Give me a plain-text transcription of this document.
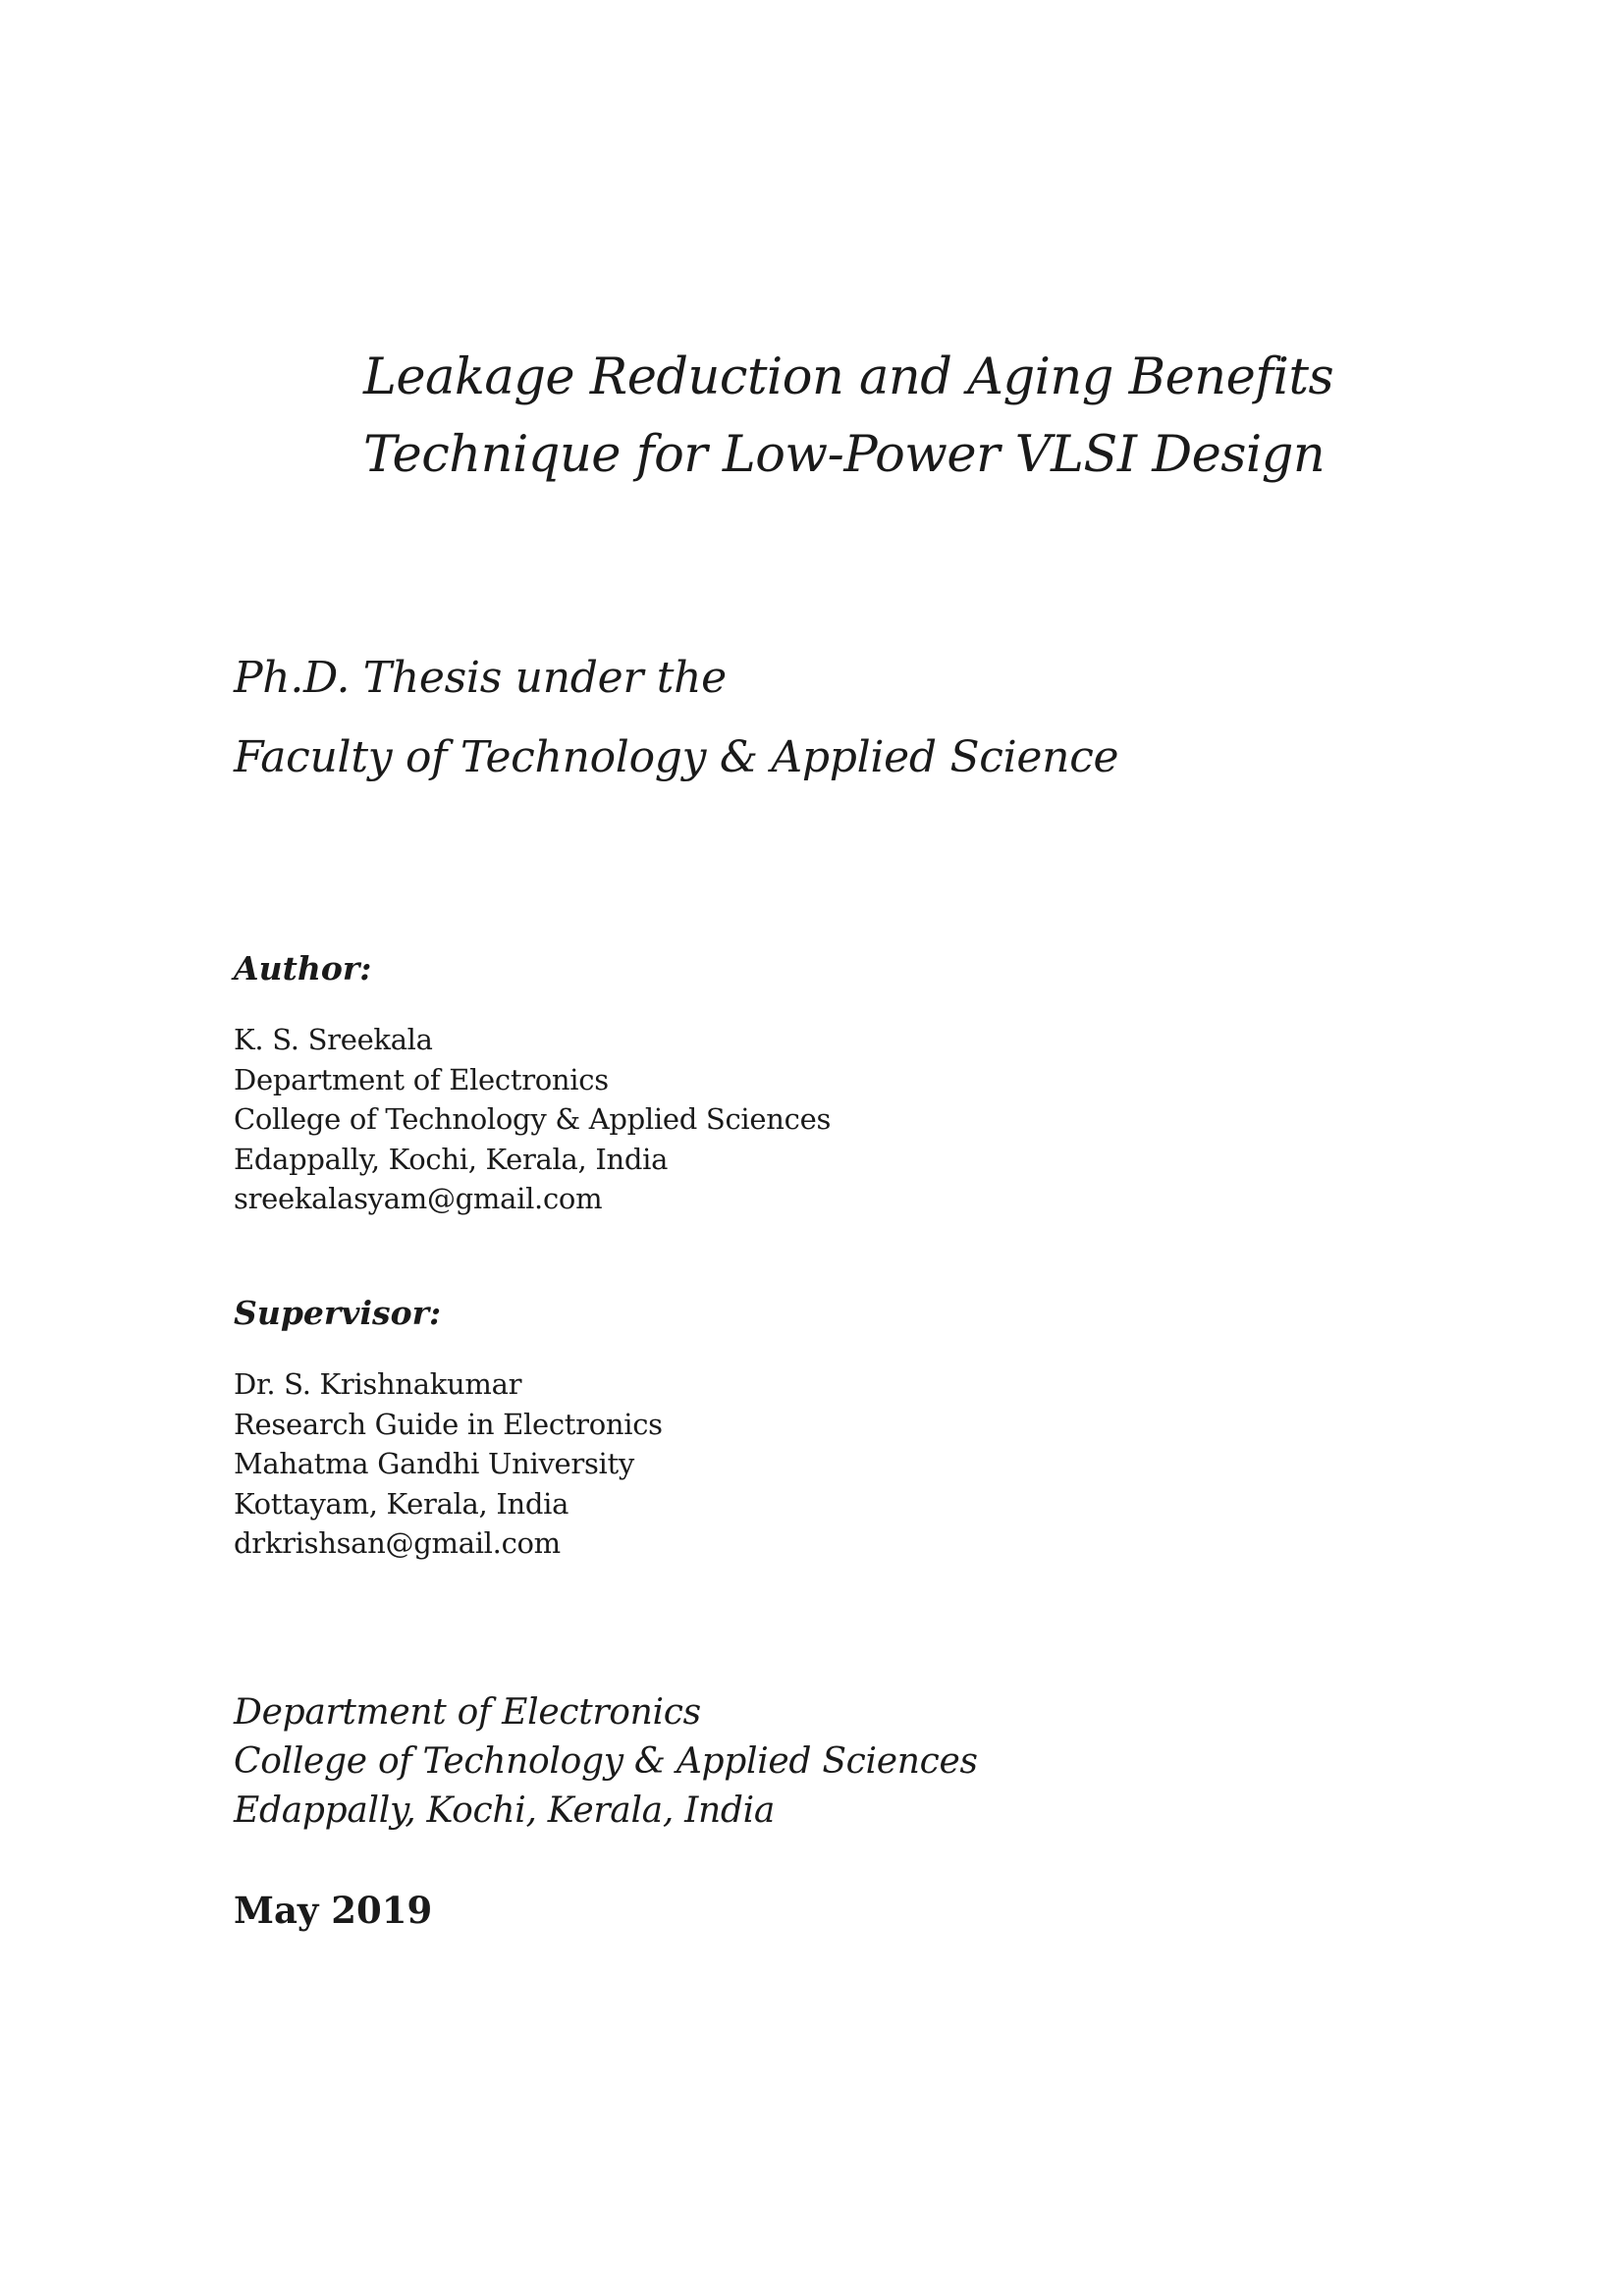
Leakage Reduction and Aging Benefits
Technique for Low-Power VLSI Design
Ph.D. Thesis under the
Faculty of Technology & Applied Science
Author:
K. S. Sreekala
Department of Electronics
College of Technology & Applied Sciences
Edappally, Kochi, Kerala, India
sreekalasyam@gmail.com
Supervisor:
Dr. S. Krishnakumar
Research Guide in Electronics
Mahatma Gandhi University
Kottayam, Kerala, India
drkrishsan@gmail.com
Department of Electronics
College of Technology & Applied Sciences
Edappally, Kochi, Kerala, India
May 2019
